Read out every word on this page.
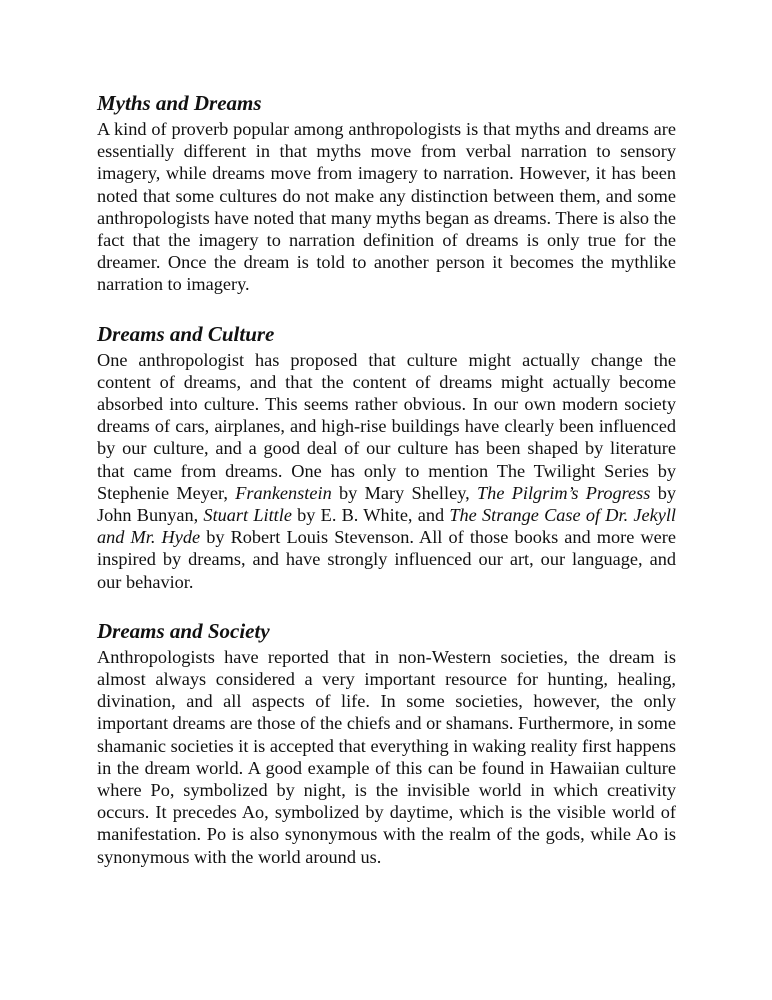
Myths and Dreams

A kind of proverb popular among anthropologists is that myths and dreams are essentially different in that myths move from verbal narration to sensory imagery, while dreams move from imagery to narration. However, it has been noted that some cultures do not make any distinction between them, and some anthropologists have noted that many myths began as dreams. There is also the fact that the imagery to narration definition of dreams is only true for the dreamer. Once the dream is told to another person it becomes the mythlike narration to imagery.

Dreams and Culture

One anthropologist has proposed that culture might actually change the content of dreams, and that the content of dreams might actually become absorbed into culture. This seems rather obvious. In our own modern society dreams of cars, airplanes, and high-rise buildings have clearly been influenced by our culture, and a good deal of our culture has been shaped by literature that came from dreams. One has only to mention The Twilight Series by Stephenie Meyer, Frankenstein by Mary Shelley, The Pilgrim’s Progress by John Bunyan, Stuart Little by E. B. White, and The Strange Case of Dr. Jekyll and Mr. Hyde by Robert Louis Stevenson. All of those books and more were inspired by dreams, and have strongly influenced our art, our language, and our behavior.

Dreams and Society

Anthropologists have reported that in non-Western societies, the dream is almost always considered a very important resource for hunting, healing, divination, and all aspects of life. In some societies, however, the only important dreams are those of the chiefs and or shamans. Furthermore, in some shamanic societies it is accepted that everything in waking reality first happens in the dream world. A good example of this can be found in Hawaiian culture where Po, symbolized by night, is the invisible world in which creativity occurs. It precedes Ao, symbolized by daytime, which is the visible world of manifestation. Po is also synonymous with the realm of the gods, while Ao is synonymous with the world around us.
